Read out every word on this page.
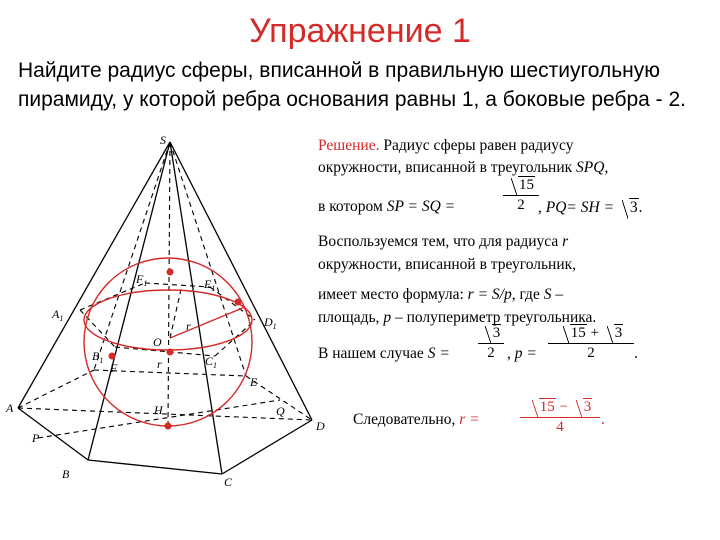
Упражнение 1
Найдите радиус сферы, вписанной в правильную шестиугольную пирамиду, у которой ребра основания равны 1, а боковые ребра - 2.
S
$A_1$
$F_1$	$E_1$
$D_1$
O
r
$B_1$	$C_1$
F	r
E
H
A	Q
D
P
B
C
Решение. Радиус сферы равен радиусу
окружности, вписанной в треугольник SPQ,
в котором SP = SQ =
15
2 , PQ= SH = 3.
Воспользуемся тем, что для радиуса r
окружности, вписанной в треугольник,
имеет место формула: r = S/p, где S –
площадь, p – полупериметр треугольника.
В нашем случае S =
3
2 , p =
15 + 3
2	.
Следовательно, r =
15 − 3
4	.
